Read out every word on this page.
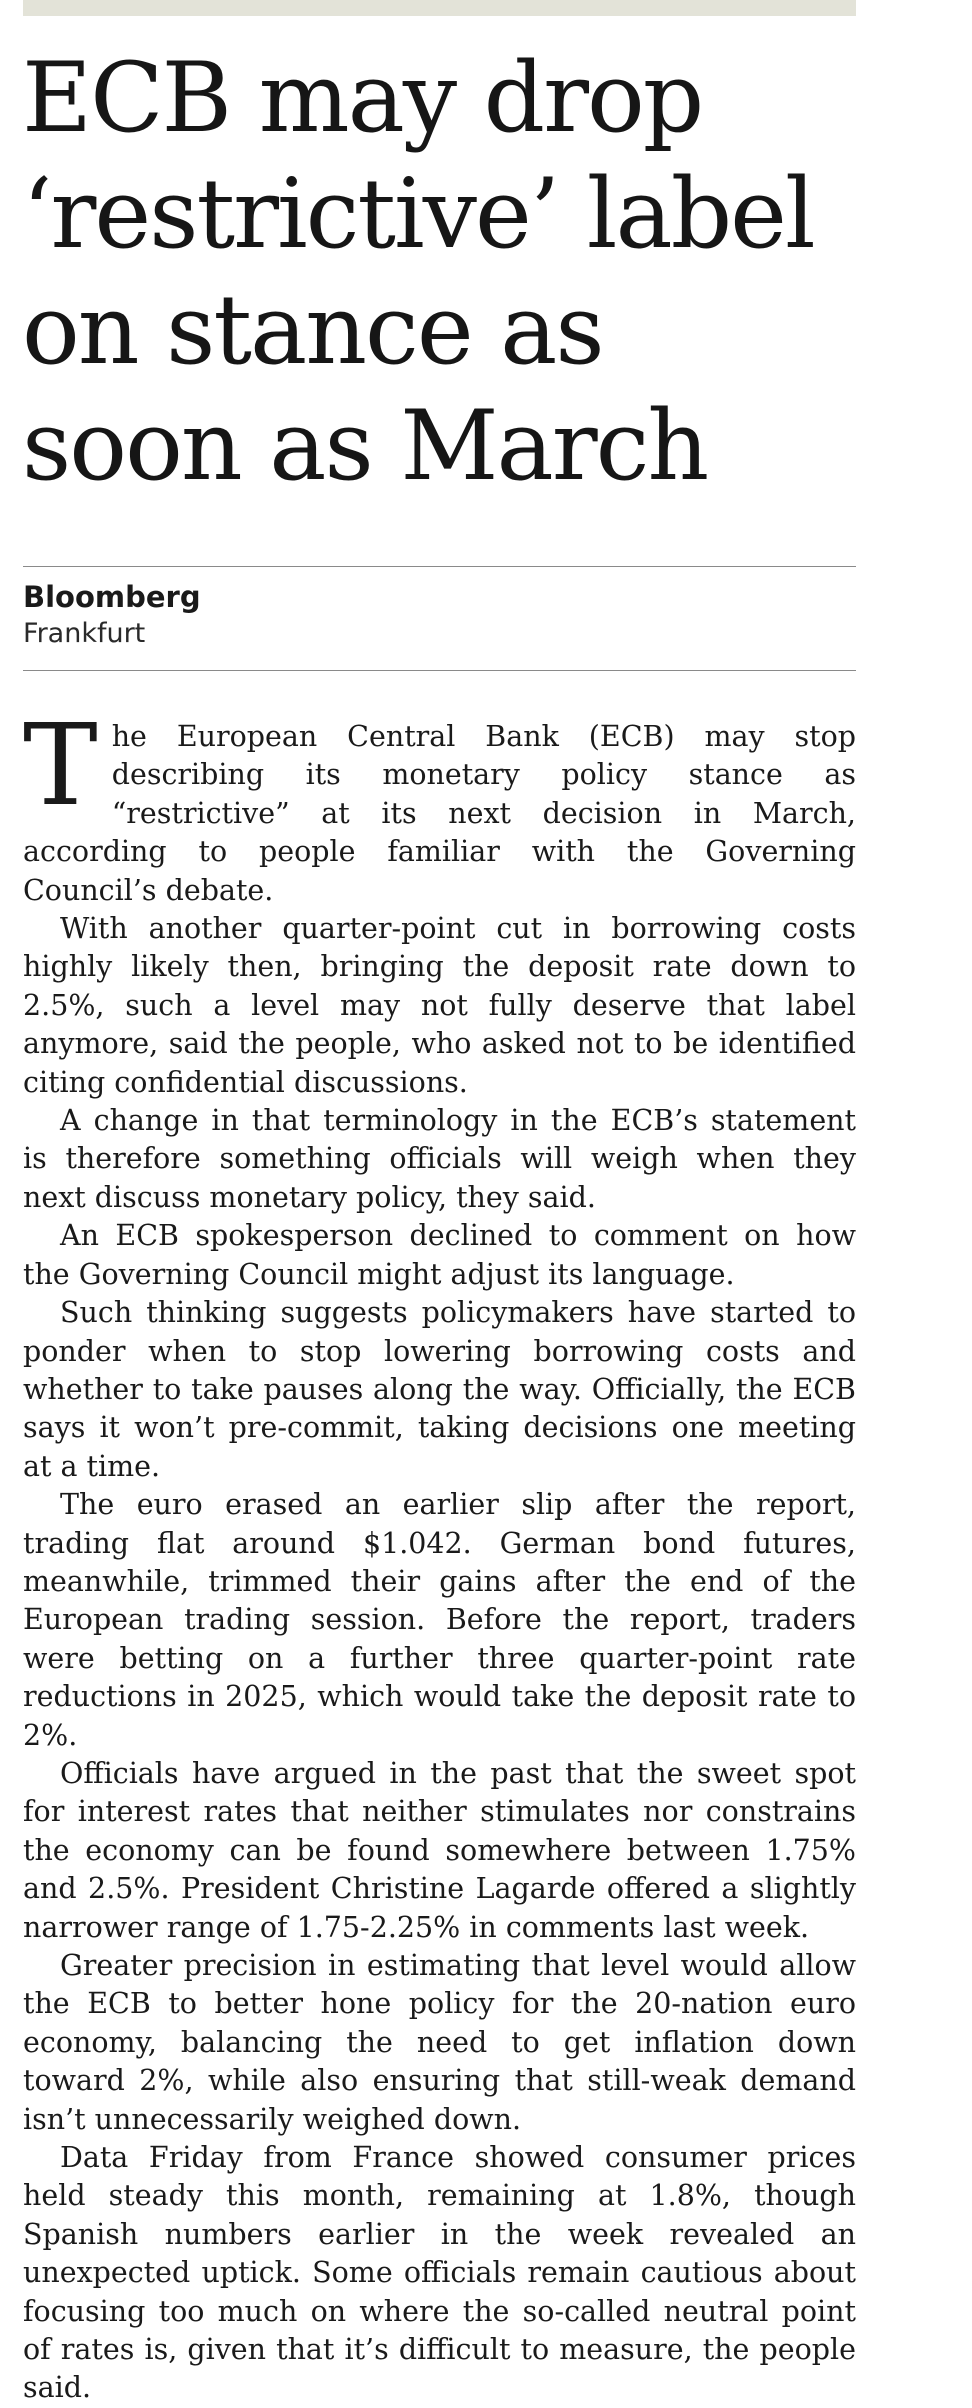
ECB may drop
‘restrictive’ label
on stance as
soon as March
Bloomberg
Frankfurt

The European Central Bank (ECB) may stop describing its monetary policy stance as “restrictive” at its next decision in March, according to people familiar with the Governing Council’s debate.

With another quarter-point cut in borrowing costs highly likely then, bringing the deposit rate down to 2.5%, such a level may not fully deserve that label anymore, said the people, who asked not to be identified citing confidential discussions.

A change in that terminology in the ECB’s statement is therefore something officials will weigh when they next discuss monetary policy, they said.

An ECB spokesperson declined to comment on how the Governing Council might adjust its language.

Such thinking suggests policymakers have started to ponder when to stop lowering borrowing costs and whether to take pauses along the way. Officially, the ECB says it won’t pre-commit, taking decisions one meeting at a time.

The euro erased an earlier slip after the report, trading flat around $1.042. German bond futures, meanwhile, trimmed their gains after the end of the European trading session. Before the report, traders were betting on a further three quarter-point rate reductions in 2025, which would take the deposit rate to 2%.

Officials have argued in the past that the sweet spot for interest rates that neither stimulates nor constrains the economy can be found somewhere between 1.75% and 2.5%. President Christine Lagarde offered a slightly narrower range of 1.75-2.25% in comments last week.

Greater precision in estimating that level would allow the ECB to better hone policy for the 20-nation euro economy, balancing the need to get inflation down toward 2%, while also ensuring that still-weak demand isn’t unnecessarily weighed down.

Data Friday from France showed consumer prices held steady this month, remaining at 1.8%, though Spanish numbers earlier in the week revealed an unexpected uptick. Some officials remain cautious about focusing too much on where the so-called neutral point of rates is, given that it’s difficult to measure, the people said.
